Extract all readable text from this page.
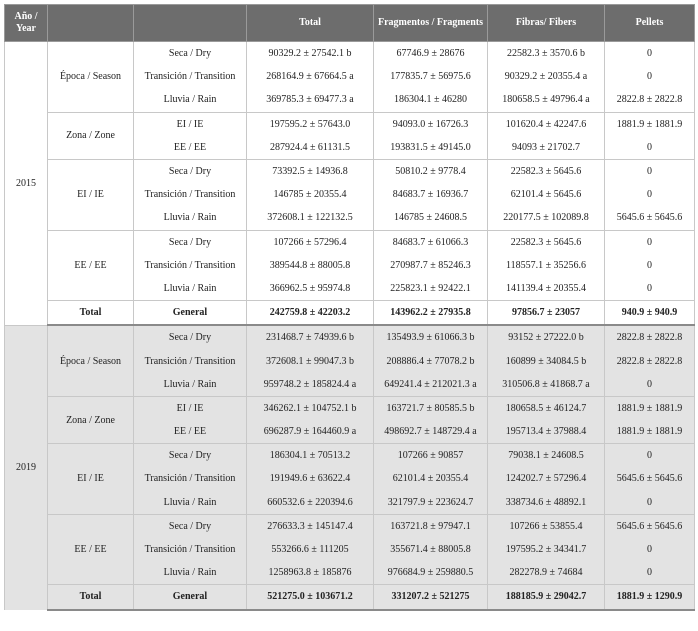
Año / Year			Total	Fragmentos / Fragments	Fibras/ Fibers	Pellets
2015	Época / Season	Seca / Dry	90329.2 ± 27542.1 b	67746.9 ± 28676	22582.3 ± 3570.6 b	0
		Transición / Transition	268164.9 ± 67664.5 a	177835.7 ± 56975.6	90329.2 ± 20355.4 a	0
		Lluvia / Rain	369785.3 ± 69477.3 a	186304.1 ± 46280	180658.5 ± 49796.4 a	2822.8 ± 2822.8
	Zona / Zone	EI / IE	197595.2 ± 57643.0	94093.0 ± 16726.3	101620.4 ± 42247.6	1881.9 ± 1881.9
		EE / EE	287924.4 ± 61131.5	193831.5 ± 49145.0	94093 ± 21702.7	0
	EI / IE	Seca / Dry	73392.5 ± 14936.8	50810.2 ± 9778.4	22582.3 ± 5645.6	0
		Transición / Transition	146785 ± 20355.4	84683.7 ± 16936.7	62101.4 ± 5645.6	0
		Lluvia / Rain	372608.1 ± 122132.5	146785 ± 24608.5	220177.5 ± 102089.8	5645.6 ± 5645.6
	EE / EE	Seca / Dry	107266 ± 57296.4	84683.7 ± 61066.3	22582.3 ± 5645.6	0
		Transición / Transition	389544.8 ± 88005.8	270987.7 ± 85246.3	118557.1 ± 35256.6	0
		Lluvia / Rain	366962.5 ± 95974.8	225823.1 ± 92422.1	141139.4 ± 20355.4	0
	Total	General	242759.8 ± 42203.2	143962.2 ± 27935.8	97856.7 ± 23057	940.9 ± 940.9
2019	Época / Season	Seca / Dry	231468.7 ± 74939.6 b	135493.9 ± 61066.3 b	93152 ± 27222.0 b	2822.8 ± 2822.8
		Transición / Transition	372608.1 ± 99047.3 b	208886.4 ± 77078.2 b	160899 ± 34084.5 b	2822.8 ± 2822.8
		Lluvia / Rain	959748.2 ± 185824.4 a	649241.4 ± 212021.3 a	310506.8 ± 41868.7 a	0
	Zona / Zone	EI / IE	346262.1 ± 104752.1 b	163721.7 ± 80585.5 b	180658.5 ± 46124.7	1881.9 ± 1881.9
		EE / EE	696287.9 ± 164460.9 a	498692.7 ± 148729.4 a	195713.4 ± 37988.4	1881.9 ± 1881.9
	EI / IE	Seca / Dry	186304.1 ± 70513.2	107266 ± 90857	79038.1 ± 24608.5	0
		Transición / Transition	191949.6 ± 63622.4	62101.4 ± 20355.4	124202.7 ± 57296.4	5645.6 ± 5645.6
		Lluvia / Rain	660532.6 ± 220394.6	321797.9 ± 223624.7	338734.6 ± 48892.1	0
	EE / EE	Seca / Dry	276633.3 ± 145147.4	163721.8 ± 97947.1	107266 ± 53855.4	5645.6 ± 5645.6
		Transición / Transition	553266.6 ± 111205	355671.4 ± 88005.8	197595.2 ± 34341.7	0
		Lluvia / Rain	1258963.8 ± 185876	976684.9 ± 259880.5	282278.9 ± 74684	0
	Total	General	521275.0 ± 103671.2	331207.2 ± 521275	188185.9 ± 29042.7	1881.9 ± 1290.9
